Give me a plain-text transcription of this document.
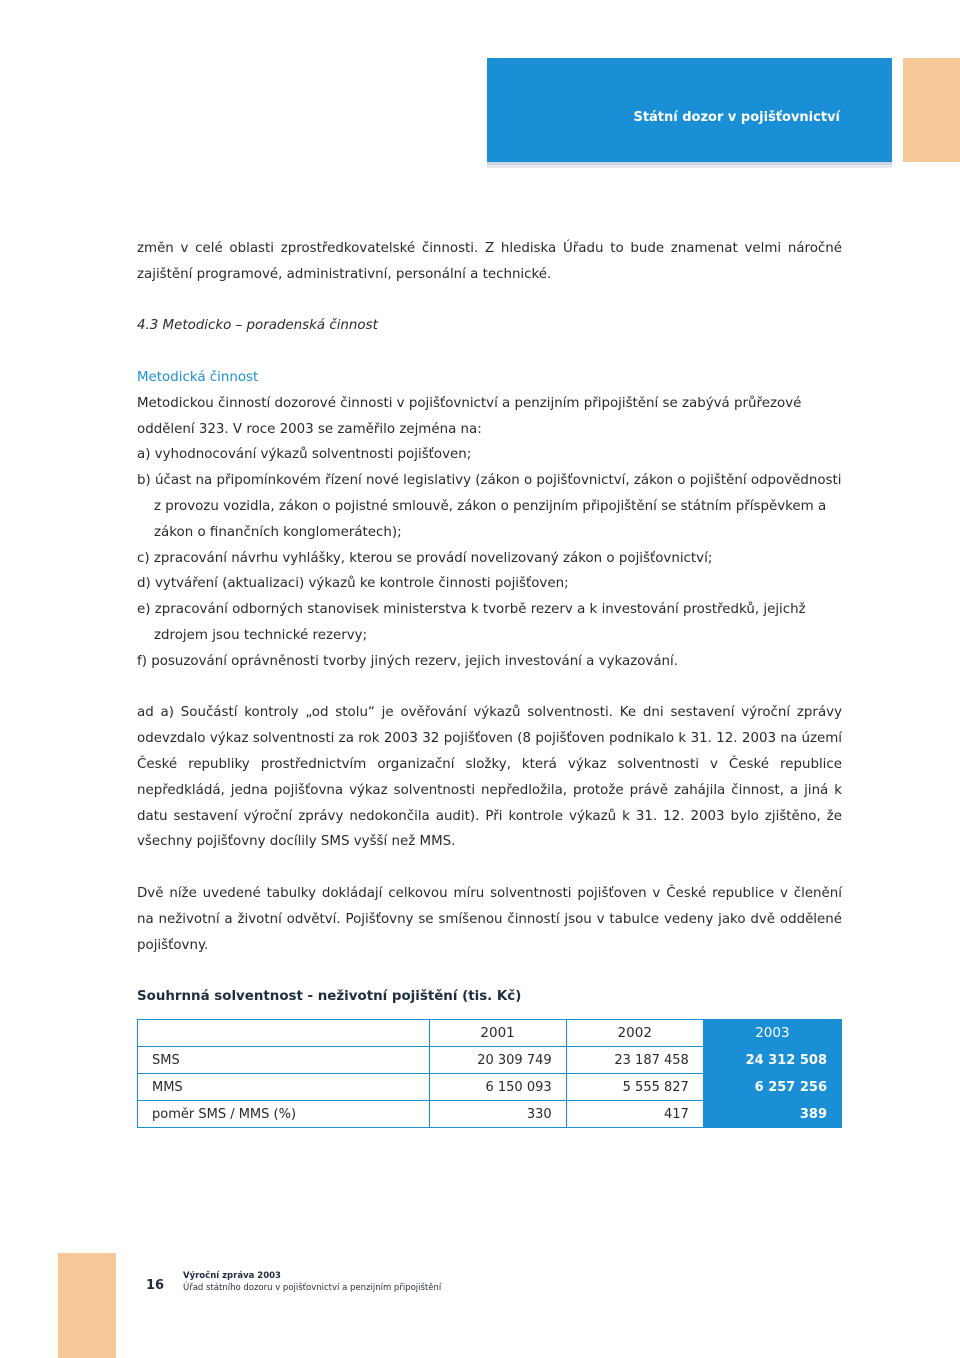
Státní dozor v pojišťovnictví

změn v celé oblasti zprostředkovatelské činnosti. Z hlediska Úřadu to bude znamenat velmi náročné zajištění programové, administrativní, personální a technické.

4.3 Metodicko – poradenská činnost

Metodická činnost

Metodickou činností dozorové činnosti v pojišťovnictví a penzijním připojištění se zabývá průřezové oddělení 323. V roce 2003 se zaměřilo zejména na:

a) vyhodnocování výkazů solventnosti pojišťoven;

b) účast na připomínkovém řízení nové legislativy (zákon o pojišťovnictví, zákon o pojištění odpovědnosti z provozu vozidla, zákon o pojistné smlouvě, zákon o penzijním připojištění se státním příspěvkem a zákon o finančních konglomerátech);

c) zpracování návrhu vyhlášky, kterou se provádí novelizovaný zákon o pojišťovnictví;

d) vytváření (aktualizaci) výkazů ke kontrole činnosti pojišťoven;

e) zpracování odborných stanovisek ministerstva k tvorbě rezerv a k investování prostředků, jejichž zdrojem jsou technické rezervy;

f) posuzování oprávněnosti tvorby jiných rezerv, jejich investování a vykazování.

ad a) Součástí kontroly „od stolu“ je ověřování výkazů solventnosti. Ke dni sestavení výroční zprávy odevzdalo výkaz solventnosti za rok 2003 32 pojišťoven (8 pojišťoven podnikalo k 31. 12. 2003 na území České republiky prostřednictvím organizační složky, která výkaz solventnosti v České republice nepředkládá, jedna pojišťovna výkaz solventnosti nepředložila, protože právě zahájila činnost, a jiná k datu sestavení výroční zprávy nedokončila audit). Při kontrole výkazů k 31. 12. 2003 bylo zjištěno, že všechny pojišťovny docílily SMS vyšší než MMS.

Dvě níže uvedené tabulky dokládají celkovou míru solventnosti pojišťoven v České republice v členění na neživotní a životní odvětví. Pojišťovny se smíšenou činností jsou v tabulce vedeny jako dvě oddělené pojišťovny.

Souhrnná solventnost - neživotní pojištění (tis. Kč)

	2001	2002	2003
SMS	20 309 749	23 187 458	24 312 508
MMS	6 150 093	5 555 827	6 257 256
poměr SMS / MMS (%)	330	417	389
16
Výroční zpráva 2003
Úřad státního dozoru v pojišťovnictví a penzijním připojištění
